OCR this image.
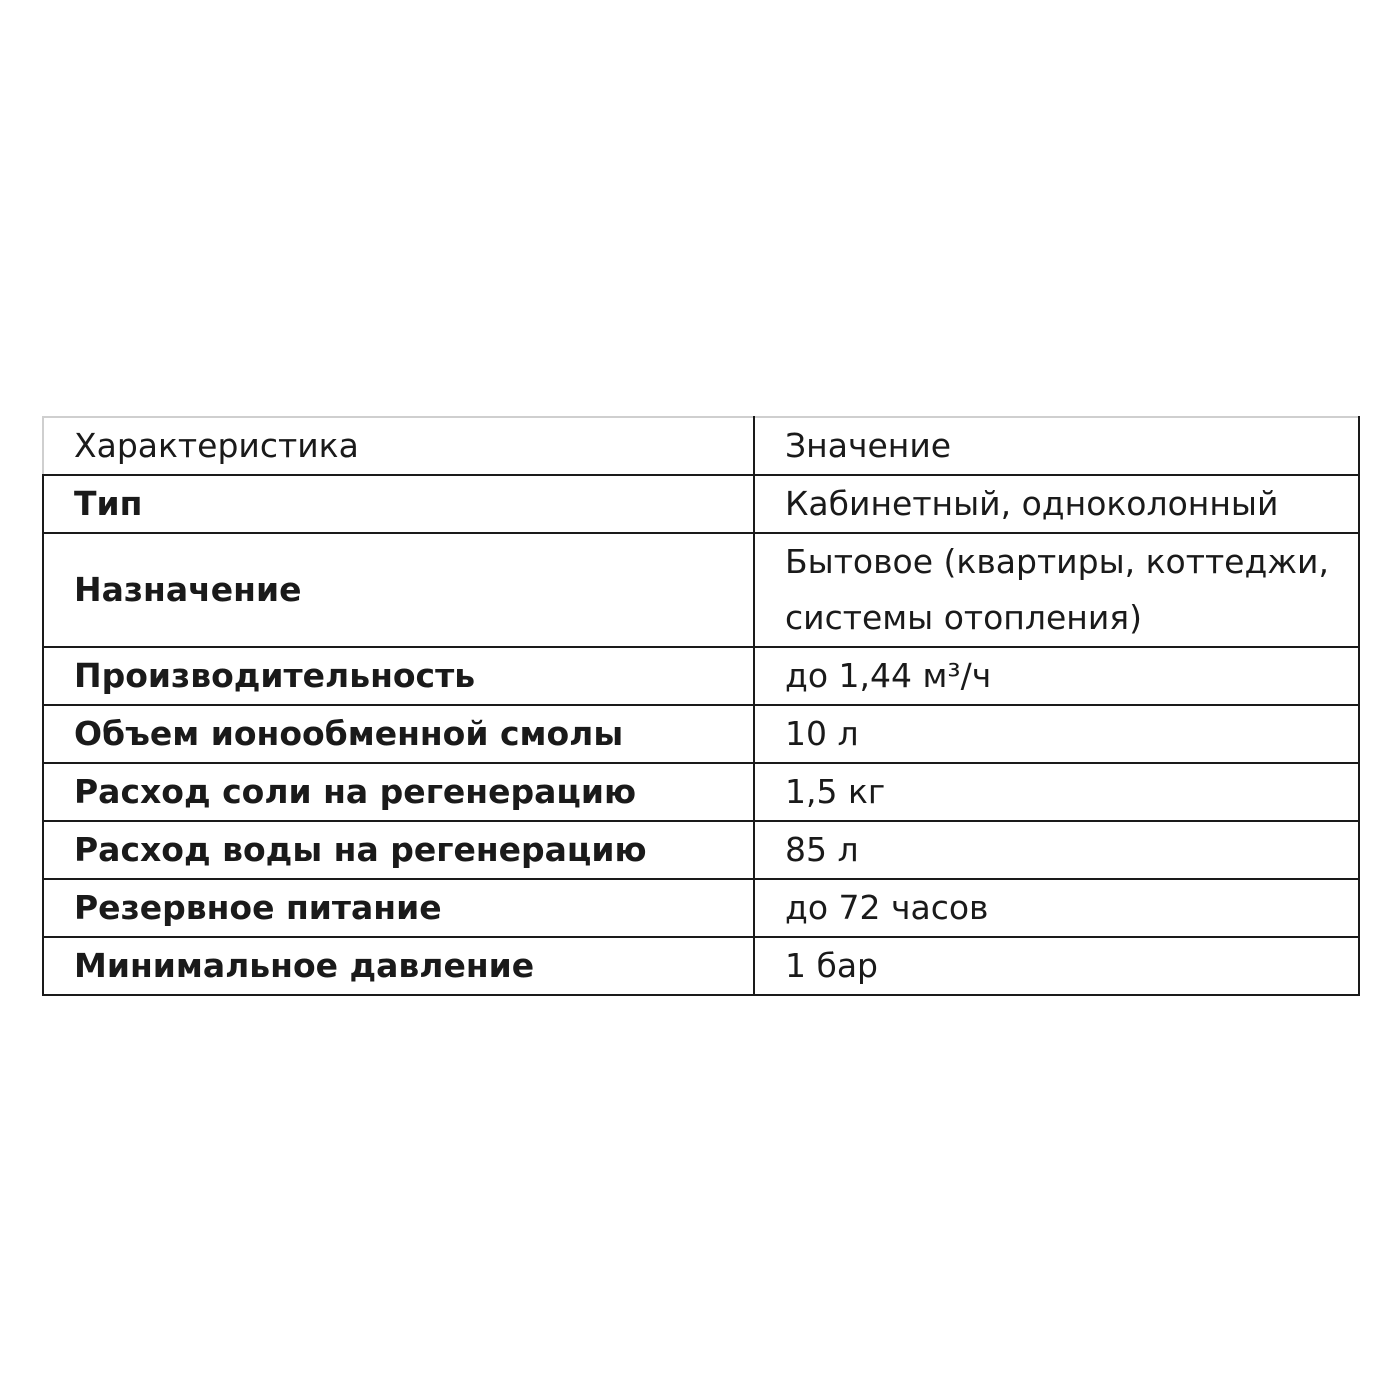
Характеристика	Значение
Тип	Кабинетный, одноколонный
Назначение	Бытовое (квартиры, коттеджи, системы отопления)
Производительность	до 1,44 м³/ч
Объем ионообменной смолы	10 л
Расход соли на регенерацию	1,5 кг
Расход воды на регенерацию	85 л
Резервное питание	до 72 часов
Минимальное давление	1 бар
